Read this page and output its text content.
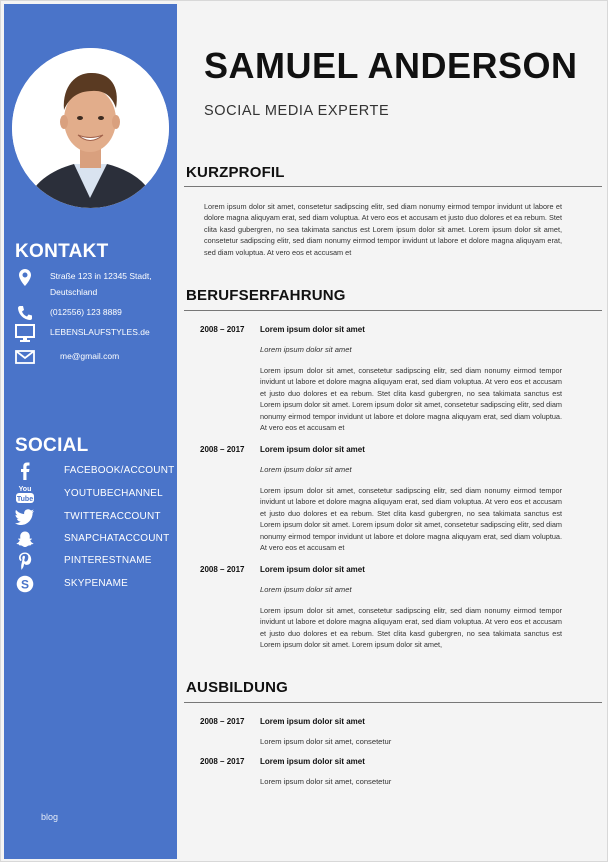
KONTAKT
Straße 123 in 12345 Stadt, Deutschland
(012556) 123 8889
LEBENSLAUFSTYLES.de
me@gmail.com
SOCIAL
FACEBOOK/ACCOUNT
You
Tube
YOUTUBECHANNEL
TWITTERACCOUNT
SNAPCHATACCOUNT
PINTERESTNAME
S	SKYPENAME
blog
SAMUEL ANDERSON
SOCIAL MEDIA EXPERTE
KURZPROFIL
Lorem ipsum dolor sit amet, consetetur sadipscing elitr, sed diam nonumy eirmod tempor invidunt ut labore et dolore magna aliquyam erat, sed diam voluptua. At vero eos et accusam et justo duo dolores et ea rebum. Stet clita kasd gubergren, no sea takimata sanctus est Lorem ipsum dolor sit amet. Lorem ipsum dolor sit amet, consetetur sadipscing elitr, sed diam nonumy eirmod tempor invidunt ut labore et dolore magna aliquyam erat, sed diam voluptua. At vero eos et accusam et
BERUFSERFAHRUNG
2008 – 2017 Lorem ipsum dolor sit amet
Lorem ipsum dolor sit amet
Lorem ipsum dolor sit amet, consetetur sadipscing elitr, sed diam nonumy eirmod tempor invidunt ut labore et dolore magna aliquyam erat, sed diam voluptua. At vero eos et accusam et justo duo dolores et ea rebum. Stet clita kasd gubergren, no sea takimata sanctus est Lorem ipsum dolor sit amet. Lorem ipsum dolor sit amet, consetetur sadipscing elitr, sed diam nonumy eirmod tempor invidunt ut labore et dolore magna aliquyam erat, sed diam voluptua. At vero eos et accusam et
2008 – 2017 Lorem ipsum dolor sit amet
Lorem ipsum dolor sit amet
Lorem ipsum dolor sit amet, consetetur sadipscing elitr, sed diam nonumy eirmod tempor invidunt ut labore et dolore magna aliquyam erat, sed diam voluptua. At vero eos et accusam et justo duo dolores et ea rebum. Stet clita kasd gubergren, no sea takimata sanctus est Lorem ipsum dolor sit amet. Lorem ipsum dolor sit amet, consetetur sadipscing elitr, sed diam nonumy eirmod tempor invidunt ut labore et dolore magna aliquyam erat, sed diam voluptua. At vero eos et accusam et
2008 – 2017 Lorem ipsum dolor sit amet
Lorem ipsum dolor sit amet
Lorem ipsum dolor sit amet, consetetur sadipscing elitr, sed diam nonumy eirmod tempor invidunt ut labore et dolore magna aliquyam erat, sed diam voluptua. At vero eos et accusam et justo duo dolores et ea rebum. Stet clita kasd gubergren, no sea takimata sanctus est Lorem ipsum dolor sit amet. Lorem ipsum dolor sit amet,
AUSBILDUNG
2008 – 2017 Lorem ipsum dolor sit amet
Lorem ipsum dolor sit amet, consetetur
2008 – 2017 Lorem ipsum dolor sit amet
Lorem ipsum dolor sit amet, consetetur
